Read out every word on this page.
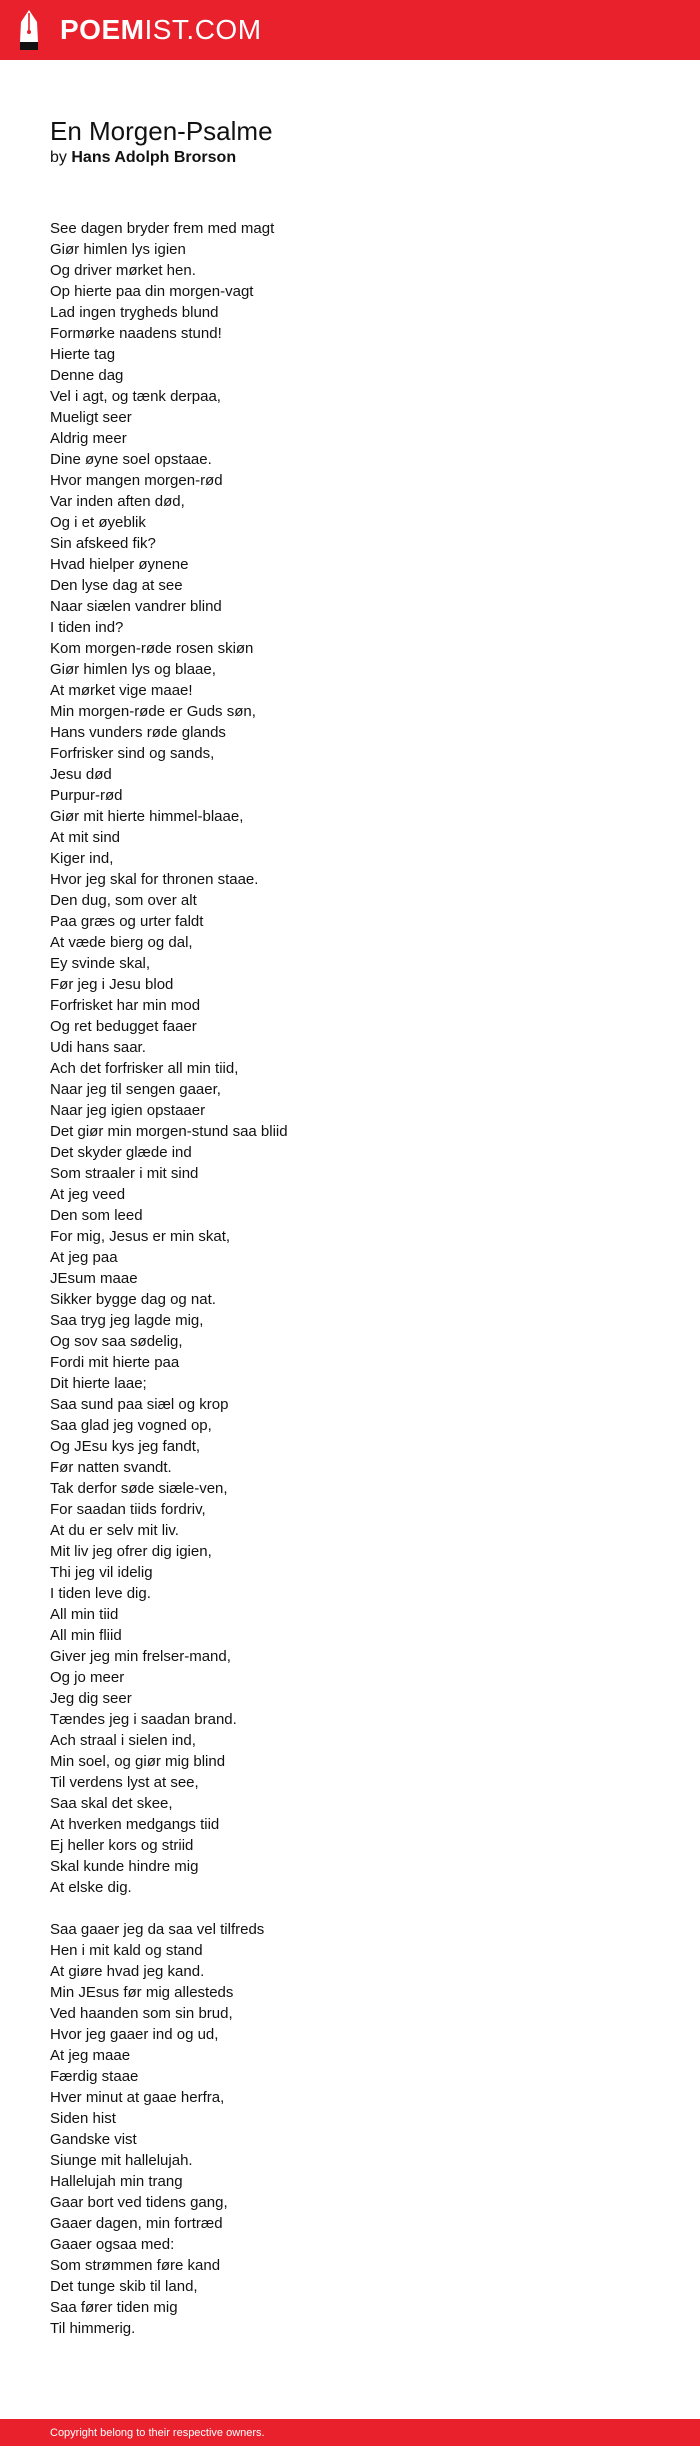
POEMIST.COM
En Morgen-Psalme
by Hans Adolph Brorson
See dagen bryder frem med magt
Giør himlen lys igien
Og driver mørket hen.
Op hierte paa din morgen-vagt
Lad ingen trygheds blund
Formørke naadens stund!
Hierte tag
Denne dag
Vel i agt, og tænk derpaa,
Mueligt seer
Aldrig meer
Dine øyne soel opstaae.
Hvor mangen morgen-rød
Var inden aften død,
Og i et øyeblik
Sin afskeed fik?
Hvad hielper øynene
Den lyse dag at see
Naar siælen vandrer blind
I tiden ind?
Kom morgen-røde rosen skiøn
Giør himlen lys og blaae,
At mørket vige maae!
Min morgen-røde er Guds søn,
Hans vunders røde glands
Forfrisker sind og sands,
Jesu død
Purpur-rød
Giør mit hierte himmel-blaae,
At mit sind
Kiger ind,
Hvor jeg skal for thronen staae.
Den dug, som over alt
Paa græs og urter faldt
At væde bierg og dal,
Ey svinde skal,
Før jeg i Jesu blod
Forfrisket har min mod
Og ret bedugget faaer
Udi hans saar.
Ach det forfrisker all min tiid,
Naar jeg til sengen gaaer,
Naar jeg igien opstaaer
Det giør min morgen-stund saa bliid
Det skyder glæde ind
Som straaler i mit sind
At jeg veed
Den som leed
For mig, Jesus er min skat,
At jeg paa
JEsum maae
Sikker bygge dag og nat.
Saa tryg jeg lagde mig,
Og sov saa sødelig,
Fordi mit hierte paa
Dit hierte laae;
Saa sund paa siæl og krop
Saa glad jeg vogned op,
Og JEsu kys jeg fandt,
Før natten svandt.
Tak derfor søde siæle-ven,
For saadan tiids fordriv,
At du er selv mit liv.
Mit liv jeg ofrer dig igien,
Thi jeg vil idelig
I tiden leve dig.
All min tiid
All min fliid
Giver jeg min frelser-mand,
Og jo meer
Jeg dig seer
Tændes jeg i saadan brand.
Ach straal i sielen ind,
Min soel, og giør mig blind
Til verdens lyst at see,
Saa skal det skee,
At hverken medgangs tiid
Ej heller kors og striid
Skal kunde hindre mig
At elske dig.
Saa gaaer jeg da saa vel tilfreds
Hen i mit kald og stand
At giøre hvad jeg kand.
Min JEsus før mig allesteds
Ved haanden som sin brud,
Hvor jeg gaaer ind og ud,
At jeg maae
Færdig staae
Hver minut at gaae herfra,
Siden hist
Gandske vist
Siunge mit hallelujah.
Hallelujah min trang
Gaar bort ved tidens gang,
Gaaer dagen, min fortræd
Gaaer ogsaa med:
Som strømmen føre kand
Det tunge skib til land,
Saa fører tiden mig
Til himmerig.
Copyright belong to their respective owners.
